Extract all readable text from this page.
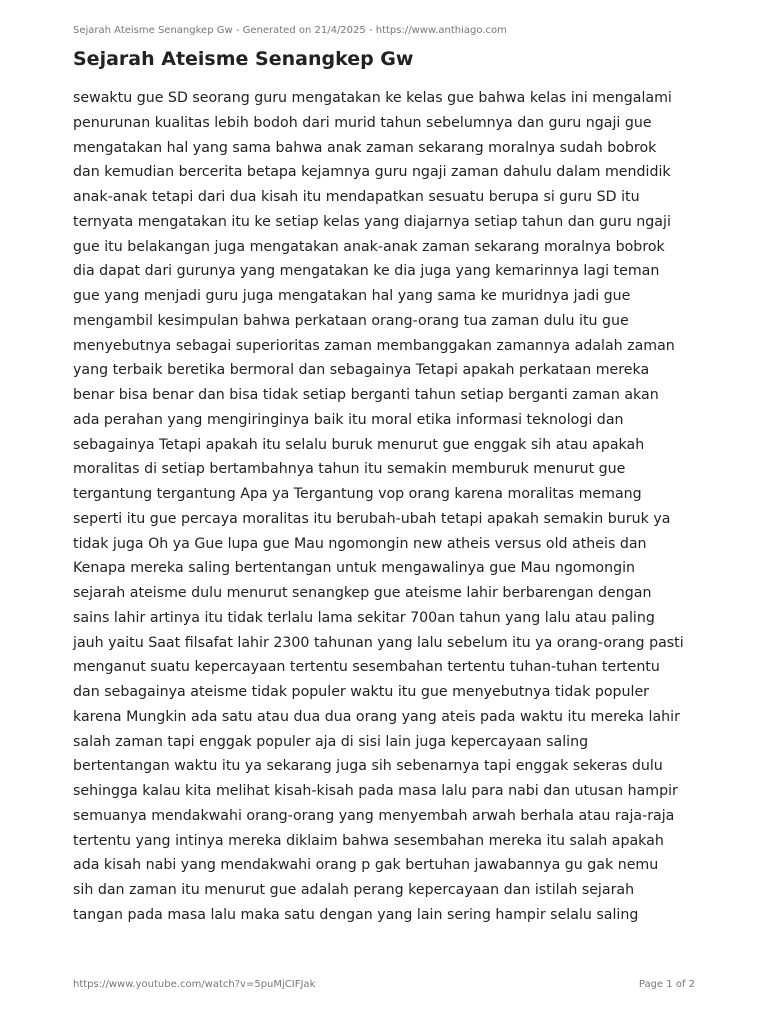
Sejarah Ateisme Senangkep Gw - Generated on 21/4/2025 - https://www.anthiago.com
Sejarah Ateisme Senangkep Gw
sewaktu gue SD seorang guru mengatakan ke kelas gue bahwa kelas ini mengalami
penurunan kualitas lebih bodoh dari murid tahun sebelumnya dan guru ngaji gue
mengatakan hal yang sama bahwa anak zaman sekarang moralnya sudah bobrok
dan kemudian bercerita betapa kejamnya guru ngaji zaman dahulu dalam mendidik
anak-anak tetapi dari dua kisah itu mendapatkan sesuatu berupa si guru SD itu
ternyata mengatakan itu ke setiap kelas yang diajarnya setiap tahun dan guru ngaji
gue itu belakangan juga mengatakan anak-anak zaman sekarang moralnya bobrok
dia dapat dari gurunya yang mengatakan ke dia juga yang kemarinnya lagi teman
gue yang menjadi guru juga mengatakan hal yang sama ke muridnya jadi gue
mengambil kesimpulan bahwa perkataan orang-orang tua zaman dulu itu gue
menyebutnya sebagai superioritas zaman membanggakan zamannya adalah zaman
yang terbaik beretika bermoral dan sebagainya Tetapi apakah perkataan mereka
benar bisa benar dan bisa tidak setiap berganti tahun setiap berganti zaman akan
ada perahan yang mengiringinya baik itu moral etika informasi teknologi dan
sebagainya Tetapi apakah itu selalu buruk menurut gue enggak sih atau apakah
moralitas di setiap bertambahnya tahun itu semakin memburuk menurut gue
tergantung tergantung Apa ya Tergantung vop orang karena moralitas memang
seperti itu gue percaya moralitas itu berubah-ubah tetapi apakah semakin buruk ya
tidak juga Oh ya Gue lupa gue Mau ngomongin new atheis versus old atheis dan
Kenapa mereka saling bertentangan untuk mengawalinya gue Mau ngomongin
sejarah ateisme dulu menurut senangkep gue ateisme lahir berbarengan dengan
sains lahir artinya itu tidak terlalu lama sekitar 700an tahun yang lalu atau paling
jauh yaitu Saat filsafat lahir 2300 tahunan yang lalu sebelum itu ya orang-orang pasti
menganut suatu kepercayaan tertentu sesembahan tertentu tuhan-tuhan tertentu
dan sebagainya ateisme tidak populer waktu itu gue menyebutnya tidak populer
karena Mungkin ada satu atau dua dua orang yang ateis pada waktu itu mereka lahir
salah zaman tapi enggak populer aja di sisi lain juga kepercayaan saling
bertentangan waktu itu ya sekarang juga sih sebenarnya tapi enggak sekeras dulu
sehingga kalau kita melihat kisah-kisah pada masa lalu para nabi dan utusan hampir
semuanya mendakwahi orang-orang yang menyembah arwah berhala atau raja-raja
tertentu yang intinya mereka diklaim bahwa sesembahan mereka itu salah apakah
ada kisah nabi yang mendakwahi orang p gak bertuhan jawabannya gu gak nemu
sih dan zaman itu menurut gue adalah perang kepercayaan dan istilah sejarah
tangan pada masa lalu maka satu dengan yang lain sering hampir selalu saling
https://www.youtube.com/watch?v=5puMjCIFJak	Page 1 of 2
